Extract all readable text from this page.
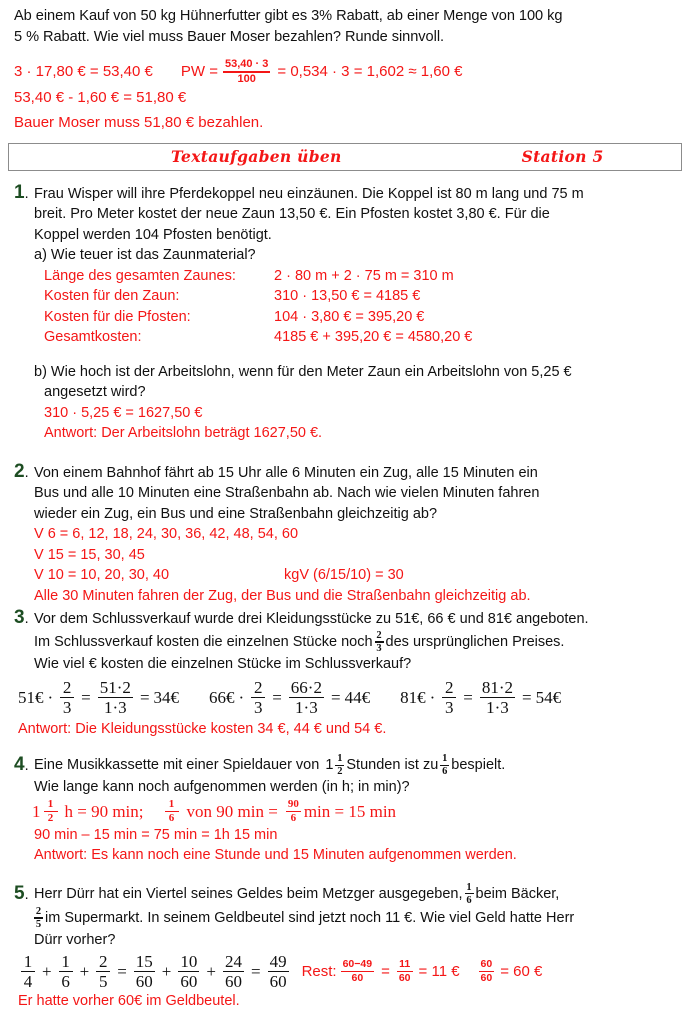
Ab einem Kauf von 50 kg Hühnerfutter gibt es 3% Rabatt, ab einer Menge von 100 kg
5 % Rabatt. Wie viel muss Bauer Moser bezahlen? Runde sinnvoll.
3 · 17,80 € = 53,40 € PW = $\frac{53,40 \cdot 3}{100} = 0,534 \cdot 3 = 1,602 \approx 1,60$ €
53,40 € - 1,60 € = 51,80 €
Bauer Moser muss 51,80 € bezahlen.
Textaufgaben üben	Station 5
1. Frau Wisper will ihre Pferdekoppel neu einzäunen. Die Koppel ist 80 m lang und 75 m
breit. Pro Meter kostet der neue Zaun 13,50 €. Ein Pfosten kostet 3,80 €. Für die
Koppel werden 104 Pfosten benötigt.
a) Wie teuer ist das Zaunmaterial?
Länge des gesamten Zaunes:	2 · 80 m + 2 · 75 m = 310 m
Kosten für den Zaun:	310 · 13,50 € = 4185 €
Kosten für die Pfosten:	104 · 3,80 € = 395,20 €
Gesamtkosten:	4185 € + 395,20 € = 4580,20 €
b) Wie hoch ist der Arbeitslohn, wenn für den Meter Zaun ein Arbeitslohn von 5,25 €
angesetzt wird?
310 · 5,25 € = 1627,50 €
Antwort: Der Arbeitslohn beträgt 1627,50 €.
2. Von einem Bahnhof fährt ab 15 Uhr alle 6 Minuten ein Zug, alle 15 Minuten ein
Bus und alle 10 Minuten eine Straßenbahn ab. Nach wie vielen Minuten fahren
wieder ein Zug, ein Bus und eine Straßenbahn gleichzeitig ab?
V 6 = 6, 12, 18, 24, 30, 36, 42, 48, 54, 60
V 15 = 15, 30, 45
V 10 = 10, 20, 30, 40	kgV (6/15/10) = 30
Alle 30 Minuten fahren der Zug, der Bus und die Straßenbahn gleichzeitig ab.
3. Vor dem Schlussverkauf wurde drei Kleidungsstücke zu 51€, 66 € und 81€ angeboten.
Im Schlussverkauf kosten die einzelnen Stücke noch 2
3 des ursprünglichen Preises.
Wie viel € kosten die einzelnen Stücke im Schlussverkauf?
51€ · $\frac{2}{3} = \frac{51\cdot 2}{1\cdot 3}$ = 34€ 66€ · $\frac{2}{3} = \frac{66\cdot 2}{1\cdot 3}$ = 44€ 81€ · $\frac{2}{3} = \frac{81\cdot 2}{1\cdot 3}$ = 54€
Antwort: Die Kleidungsstücke kosten 34 €, 44 € und 54 €.
4. Eine Musikkassette mit einer Spieldauer von 1 1
2 Stunden ist zu 1
6 bespielt.
Wie lange kann noch aufgenommen werden (in h; in min)?
$1 \frac{1}{2}$ h = 90 min; $\frac{1}{6}$ von 90 $\min = \frac{90}{6}$ min = 15 min
90 min – 15 min = 75 min = 1h 15 min
Antwort: Es kann noch eine Stunde und 15 Minuten aufgenommen werden.
5. Herr Dürr hat ein Viertel seines Geldes beim Metzger ausgegeben, 1
6 beim Bäcker,
2
5 im Supermarkt. In seinem Geldbeutel sind jetzt noch 11 €. Wie viel Geld hatte Herr
Dürr vorher?
$\frac{1}{4} + \frac{1}{6} + \frac{2}{5} = \frac{15}{60} + \frac{10}{60} + \frac{24}{60} = \frac{49}{60}$ Rest: $\frac{60-49}{60} = \frac{11}{60} = 11$ € $\frac{60}{60} = 60$ €
Er hatte vorher 60€ im Geldbeutel.
